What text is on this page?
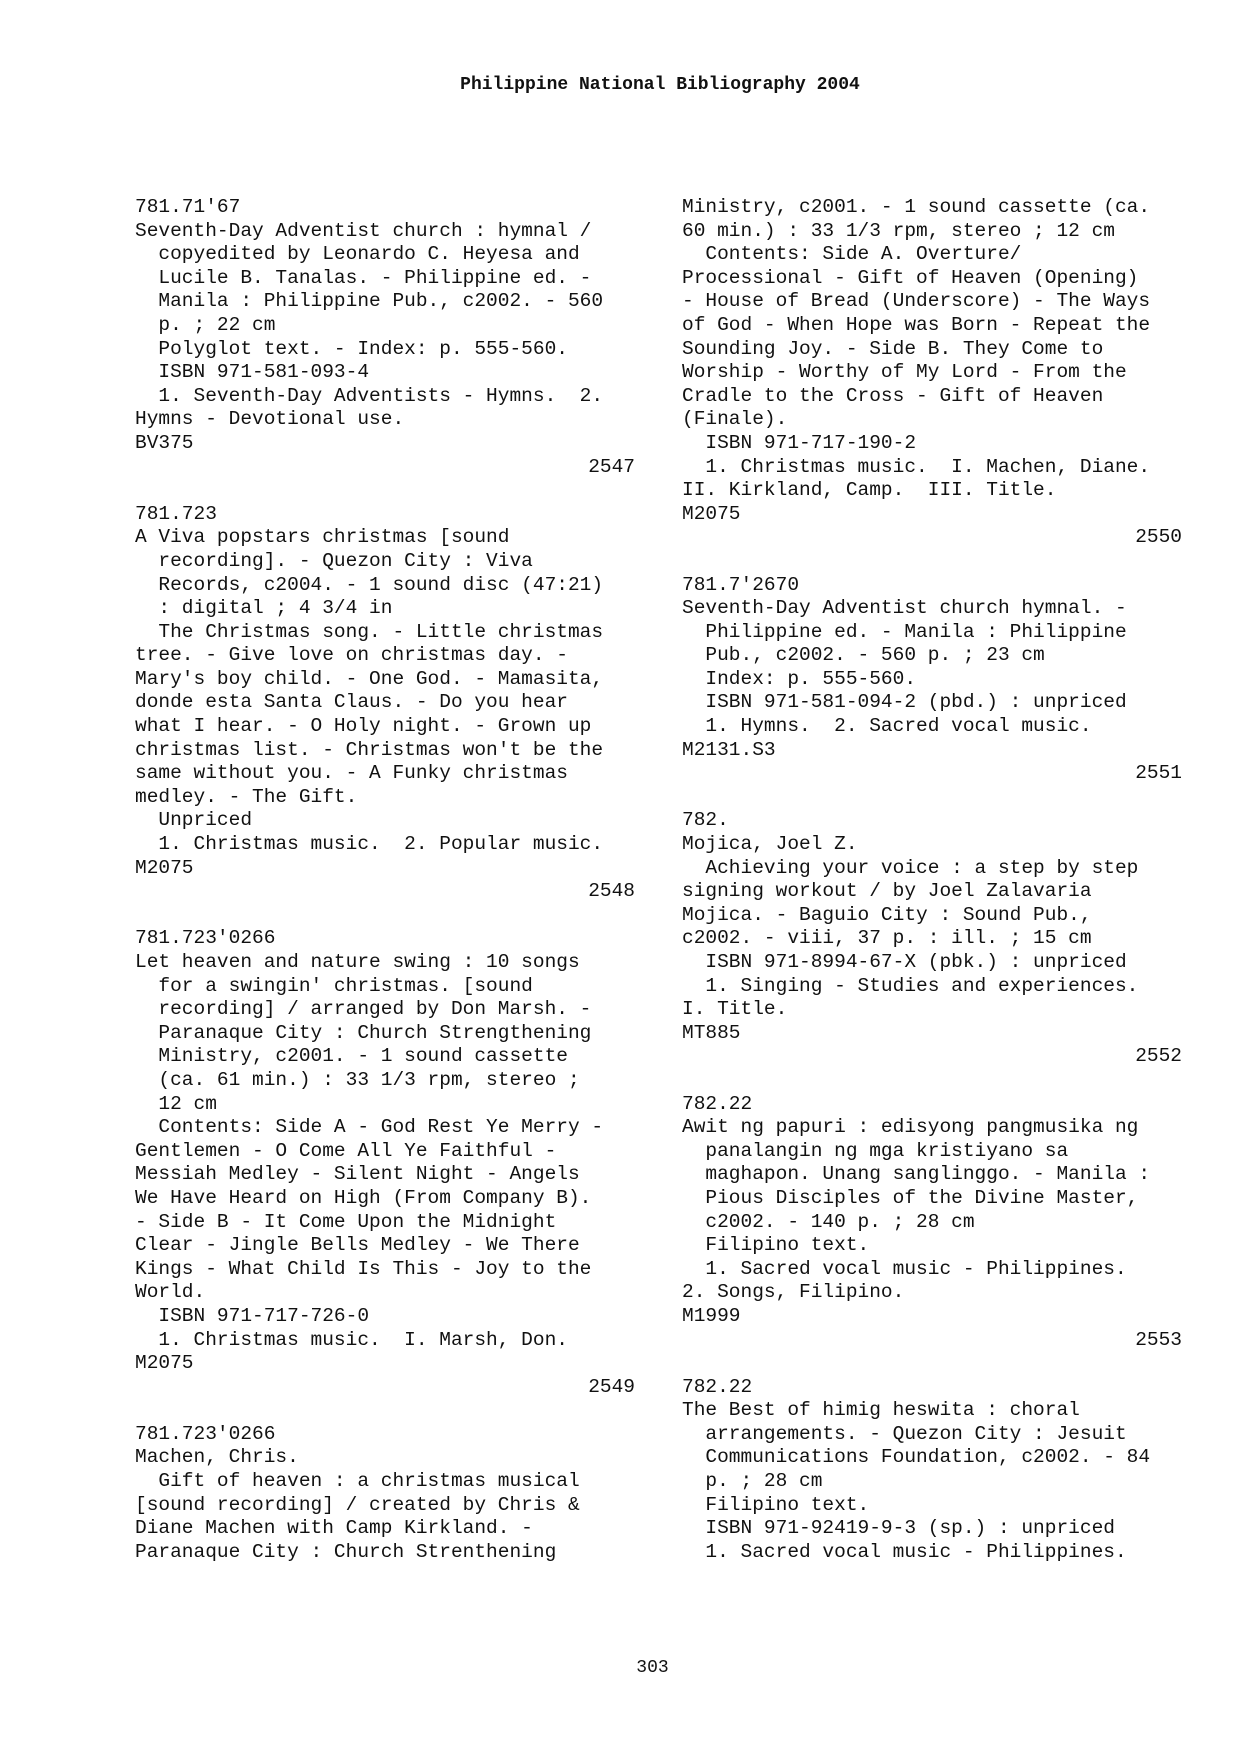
Philippine National Bibliography 2004
781.71'67
Seventh-Day Adventist church : hymnal /
copyedited by Leonardo C. Heyesa and
Lucile B. Tanalas. - Philippine ed. -
Manila : Philippine Pub., c2002. - 560
p. ; 22 cm
Polyglot text. - Index: p. 555-560.
ISBN 971-581-093-4
1. Seventh-Day Adventists - Hymns.  2.
Hymns - Devotional use.
BV375
2547
781.723
A Viva popstars christmas [sound
recording]. - Quezon City : Viva
Records, c2004. - 1 sound disc (47:21)
: digital ; 4 3/4 in
The Christmas song. - Little christmas
tree. - Give love on christmas day. -
Mary's boy child. - One God. - Mamasita,
donde esta Santa Claus. - Do you hear
what I hear. - O Holy night. - Grown up
christmas list. - Christmas won't be the
same without you. - A Funky christmas
medley. - The Gift.
Unpriced
1. Christmas music.  2. Popular music.
M2075
2548
781.723'0266
Let heaven and nature swing : 10 songs
for a swingin' christmas. [sound
recording] / arranged by Don Marsh. -
Paranaque City : Church Strengthening
Ministry, c2001. - 1 sound cassette
(ca. 61 min.) : 33 1/3 rpm, stereo ;
12 cm
Contents: Side A - God Rest Ye Merry -
Gentlemen - O Come All Ye Faithful -
Messiah Medley - Silent Night - Angels
We Have Heard on High (From Company B).
- Side B - It Come Upon the Midnight
Clear - Jingle Bells Medley - We There
Kings - What Child Is This - Joy to the
World.
ISBN 971-717-726-0
1. Christmas music.  I. Marsh, Don.
M2075
2549
781.723'0266
Machen, Chris.
Gift of heaven : a christmas musical
[sound recording] / created by Chris &
Diane Machen with Camp Kirkland. -
Paranaque City : Church Strenthening
Ministry, c2001. - 1 sound cassette (ca.
60 min.) : 33 1/3 rpm, stereo ; 12 cm
Contents: Side A. Overture/
Processional - Gift of Heaven (Opening)
- House of Bread (Underscore) - The Ways
of God - When Hope was Born - Repeat the
Sounding Joy. - Side B. They Come to
Worship - Worthy of My Lord - From the
Cradle to the Cross - Gift of Heaven
(Finale).
ISBN 971-717-190-2
1. Christmas music.  I. Machen, Diane.
II. Kirkland, Camp.  III. Title.
M2075
2550
781.7'2670
Seventh-Day Adventist church hymnal. -
Philippine ed. - Manila : Philippine
Pub., c2002. - 560 p. ; 23 cm
Index: p. 555-560.
ISBN 971-581-094-2 (pbd.) : unpriced
1. Hymns.  2. Sacred vocal music.
M2131.S3
2551
782.
Mojica, Joel Z.
Achieving your voice : a step by step
signing workout / by Joel Zalavaria
Mojica. - Baguio City : Sound Pub.,
c2002. - viii, 37 p. : ill. ; 15 cm
ISBN 971-8994-67-X (pbk.) : unpriced
1. Singing - Studies and experiences.
I. Title.
MT885
2552
782.22
Awit ng papuri : edisyong pangmusika ng
panalangin ng mga kristiyano sa
maghapon. Unang sanglinggo. - Manila :
Pious Disciples of the Divine Master,
c2002. - 140 p. ; 28 cm
Filipino text.
1. Sacred vocal music - Philippines.
2. Songs, Filipino.
M1999
2553
782.22
The Best of himig heswita : choral
arrangements. - Quezon City : Jesuit
Communications Foundation, c2002. - 84
p. ; 28 cm
Filipino text.
ISBN 971-92419-9-3 (sp.) : unpriced
1. Sacred vocal music - Philippines.
303
